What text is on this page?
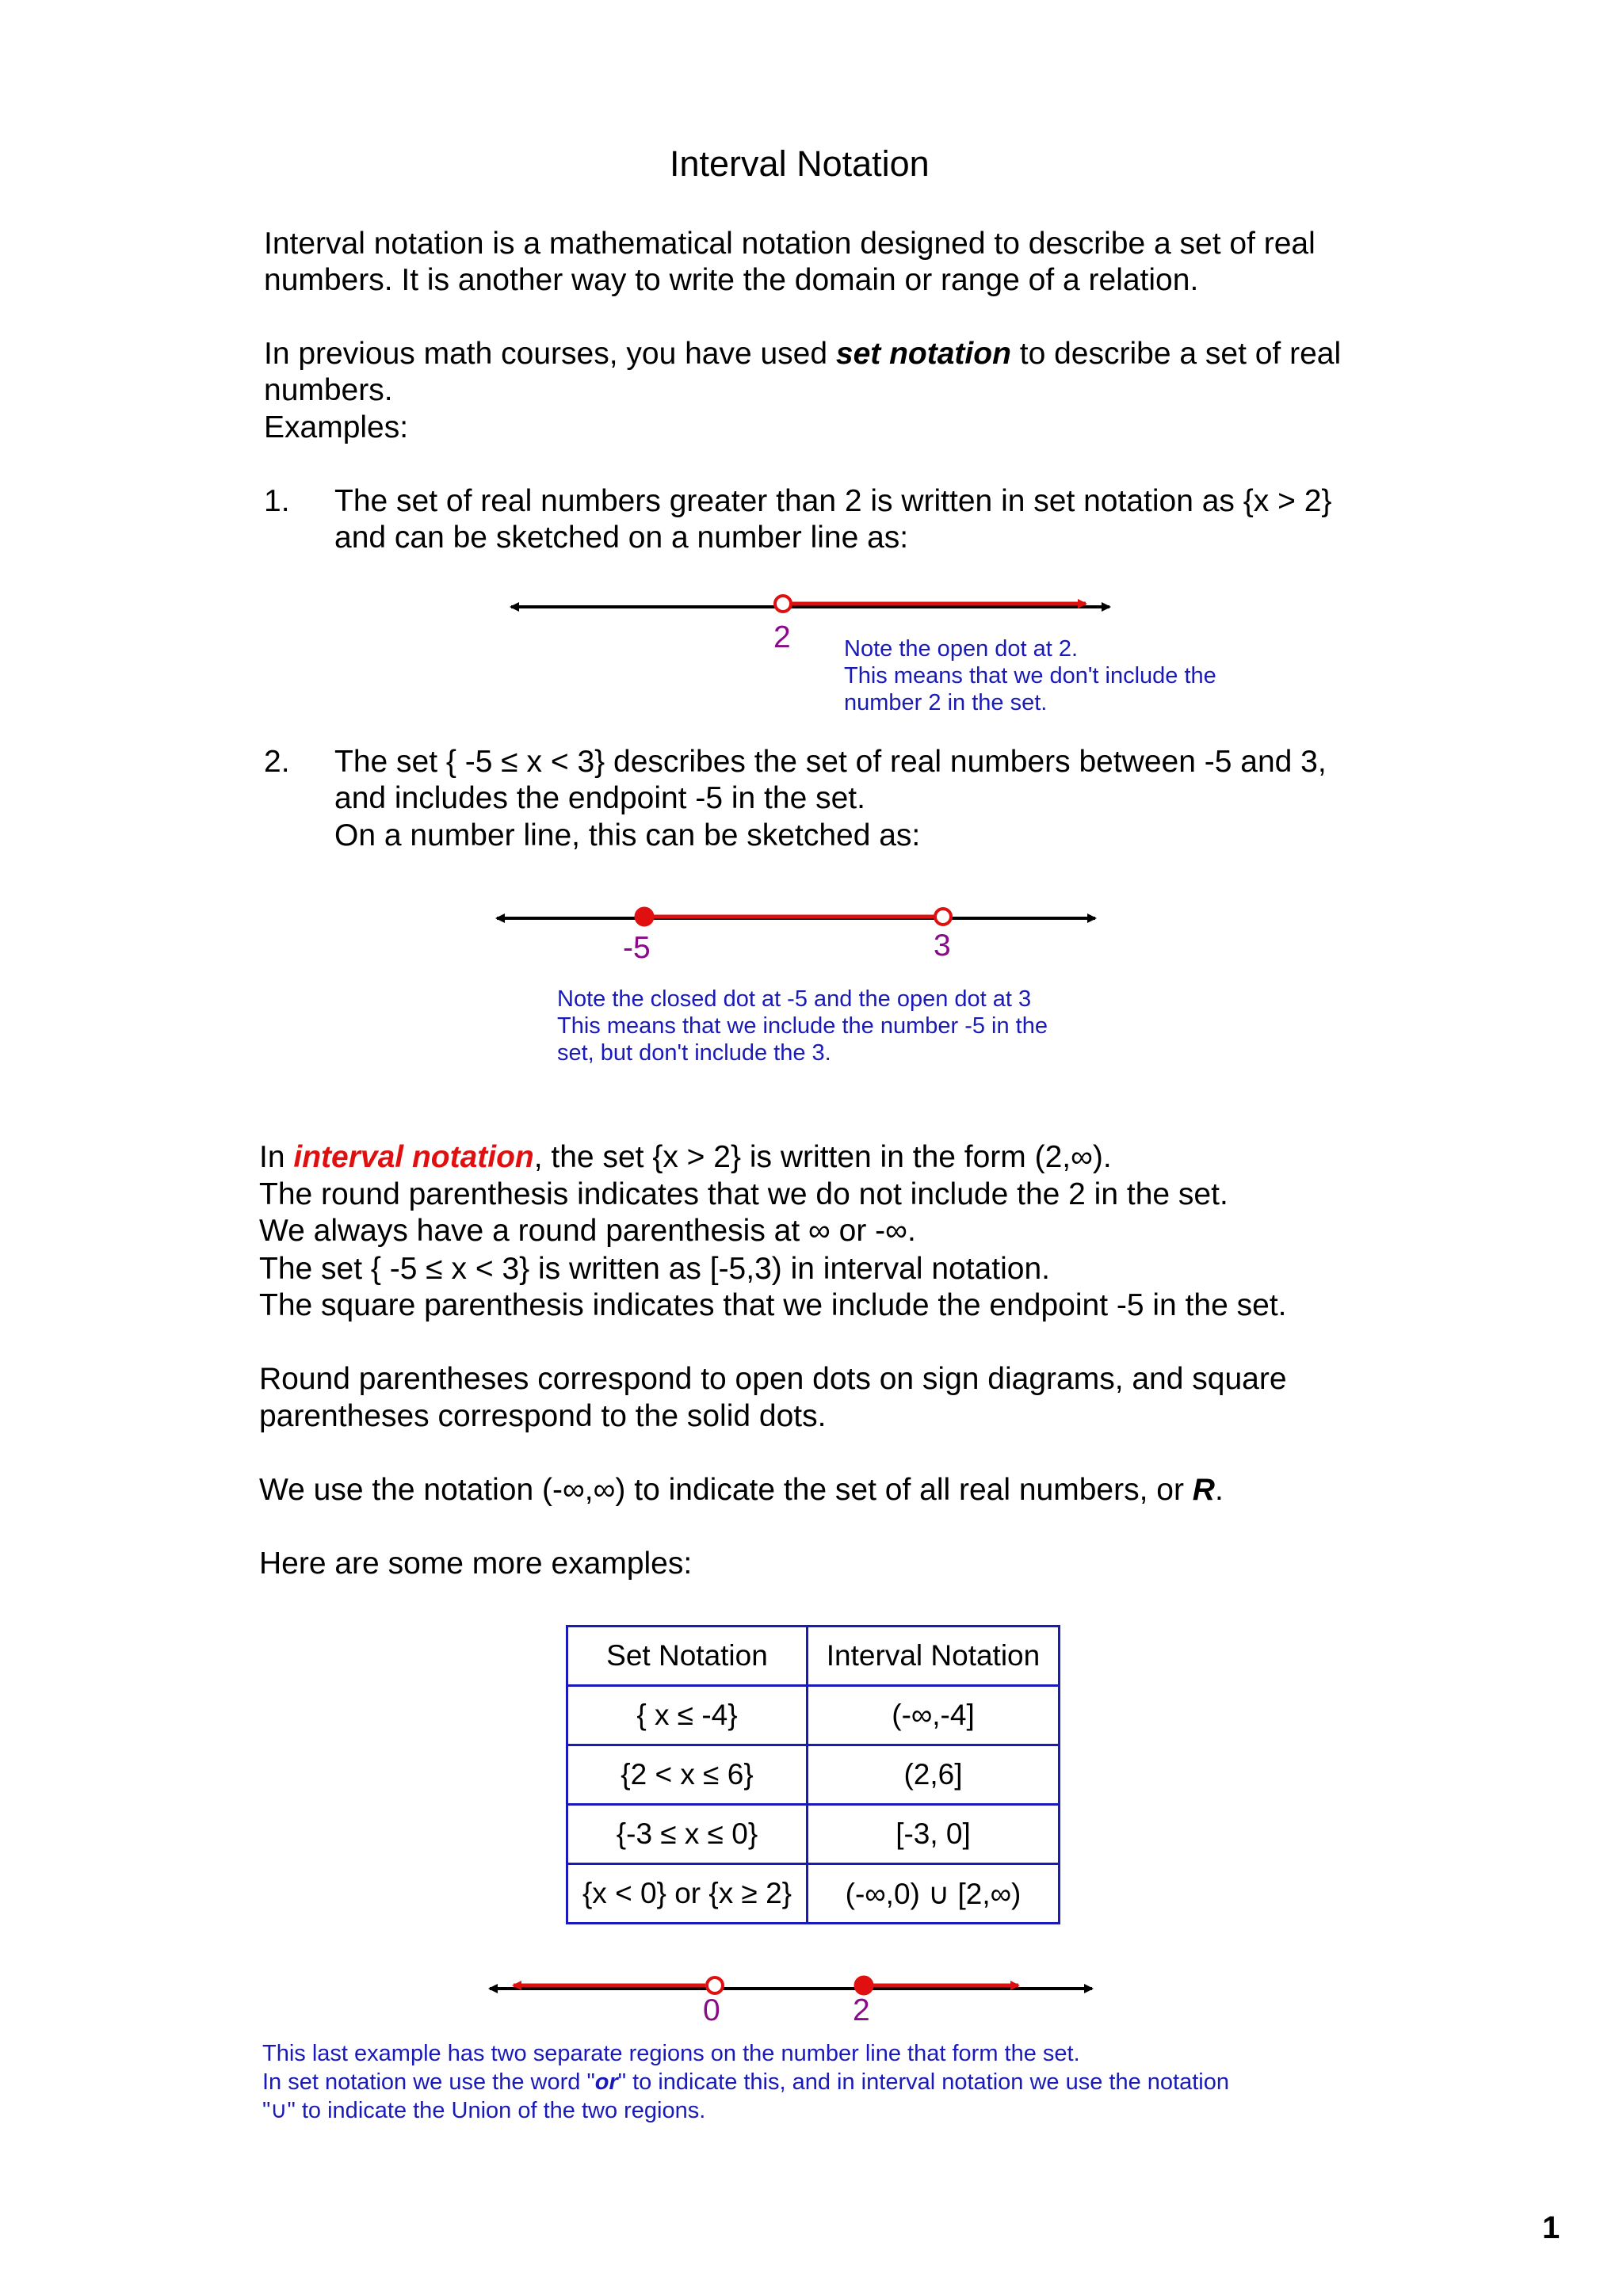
Interval Notation

Interval notation is a mathematical notation designed to describe a set of real

numbers. It is another way to write the domain or range of a relation.

In previous math courses, you have used set notation to describe a set of real

numbers.

Examples:

1. The set of real numbers greater than 2 is written in set notation as {x > 2}

and can be sketched on a number line as:

2 Note the open dot at 2.

This means that we don't include the

number 2 in the set.

2. The set { -5 ≤ x < 3} describes the set of real numbers between -5 and 3,

and includes the endpoint -5 in the set.

On a number line, this can be sketched as:

-5	3

Note the closed dot at -5 and the open dot at 3

This means that we include the number -5 in the

set, but don't include the 3.

In interval notation, the set {x > 2} is written in the form (2,∞).

The round parenthesis indicates that we do not include the 2 in the set.

We always have a round parenthesis at ∞ or -∞.

The set { -5 ≤ x < 3} is written as [-5,3) in interval notation.

The square parenthesis indicates that we include the endpoint -5 in the set.

Round parentheses correspond to open dots on sign diagrams, and square

parentheses correspond to the solid dots.

We use the notation (-∞,∞) to indicate the set of all real numbers, or R.

Here are some more examples:

Set Notation	Interval Notation
{ x ≤ -4}	(-∞,-4]
{2 < x ≤ 6}	(2,6]
{-3 ≤ x ≤ 0}	[-3, 0]
{x < 0} or {x ≥ 2}	(-∞,0) ∪ [2,∞)
0	2

This last example has two separate regions on the number line that form the set.

In set notation we use the word "or" to indicate this, and in interval notation we use the notation

"∪" to indicate the Union of the two regions.

1
